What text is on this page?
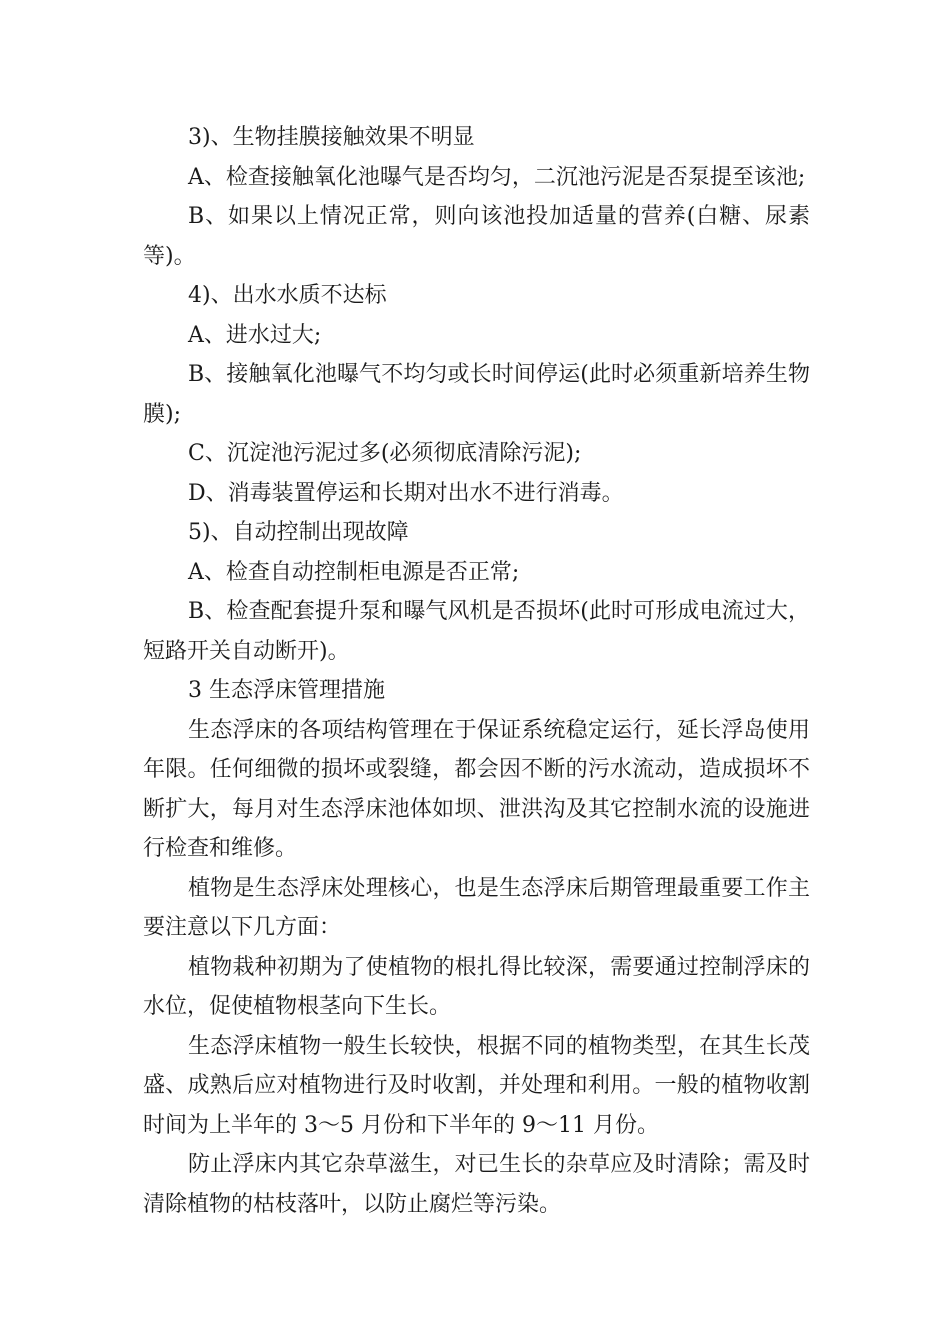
3)、生物挂膜接触效果不明显

A、检查接触氧化池曝气是否均匀，二沉池污泥是否泵提至该池;

B、如果以上情况正常，则向该池投加适量的营养(白糖、尿素等)。

4)、出水水质不达标

A、进水过大;

B、接触氧化池曝气不均匀或长时间停运(此时必须重新培养生物膜);

C、沉淀池污泥过多(必须彻底清除污泥);

D、消毒装置停运和长期对出水不进行消毒。

5)、自动控制出现故障

A、检查自动控制柜电源是否正常;

B、检查配套提升泵和曝气风机是否损坏(此时可形成电流过大，短路开关自动断开)。

3 生态浮床管理措施

生态浮床的各项结构管理在于保证系统稳定运行，延长浮岛使用年限。任何细微的损坏或裂缝，都会因不断的污水流动，造成损坏不断扩大，每月对生态浮床池体如坝、泄洪沟及其它控制水流的设施进行检查和维修。

植物是生态浮床处理核心，也是生态浮床后期管理最重要工作主要注意以下几方面：

植物栽种初期为了使植物的根扎得比较深，需要通过控制浮床的水位，促使植物根茎向下生长。

生态浮床植物一般生长较快，根据不同的植物类型，在其生长茂盛、成熟后应对植物进行及时收割，并处理和利用。一般的植物收割时间为上半年的 3～5 月份和下半年的 9～11 月份。

防止浮床内其它杂草滋生，对已生长的杂草应及时清除；需及时清除植物的枯枝落叶，以防止腐烂等污染。
